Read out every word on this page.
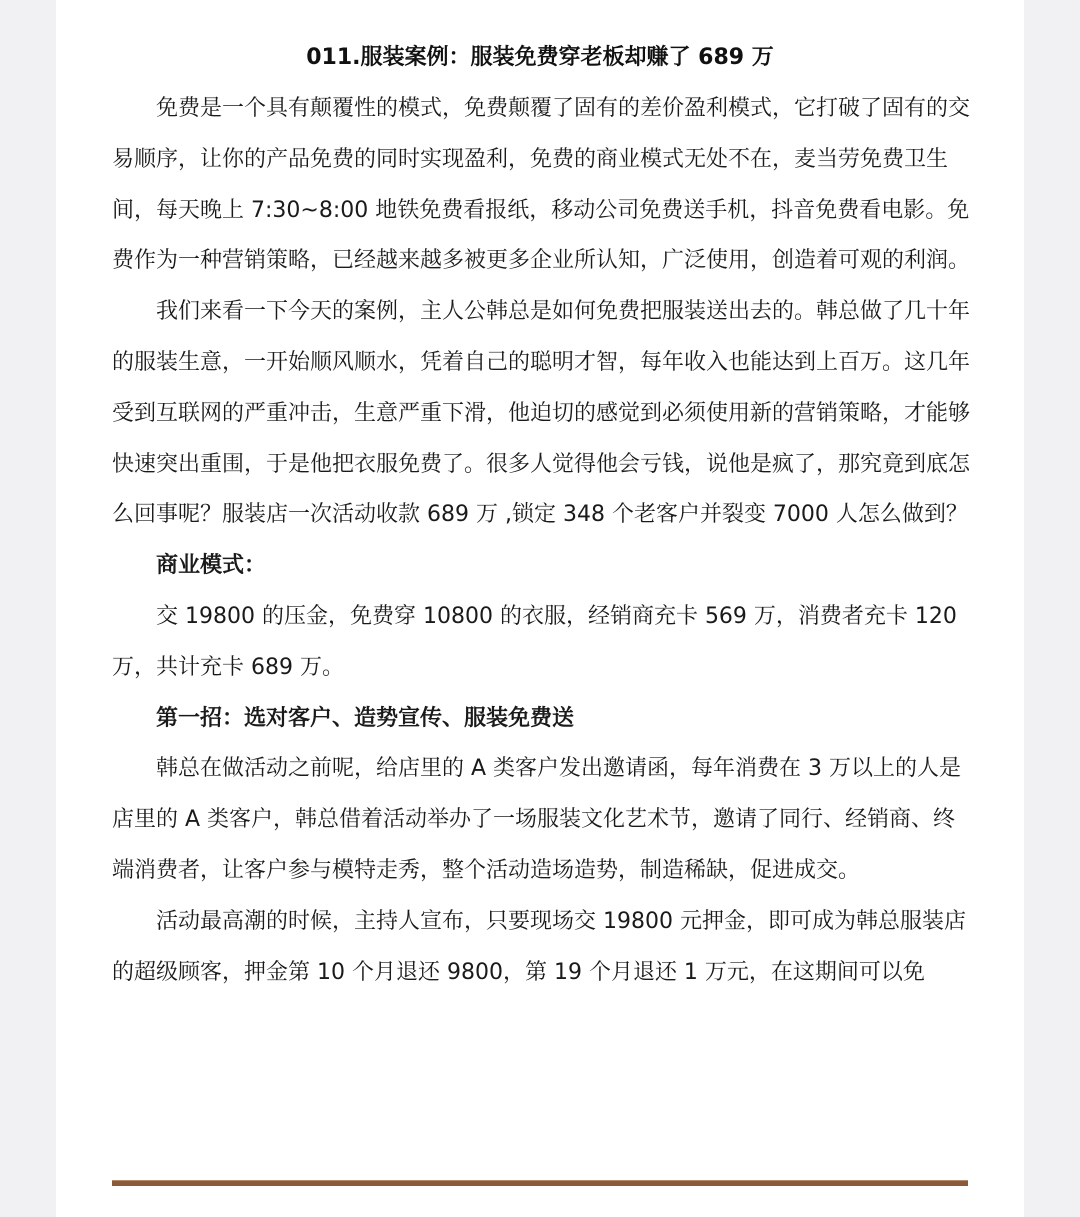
011.服装案例：服装免费穿老板却赚了 689 万

免费是一个具有颠覆性的模式，免费颠覆了固有的差价盈利模式，它打破了固有的交易顺序，让你的产品免费的同时实现盈利，免费的商业模式无处不在，麦当劳免费卫生间，每天晚上 7:30~8:00 地铁免费看报纸，移动公司免费送手机，抖音免费看电影。免费作为一种营销策略，已经越来越多被更多企业所认知，广泛使用，创造着可观的利润。

我们来看一下今天的案例，主人公韩总是如何免费把服装送出去的。韩总做了几十年的服装生意，一开始顺风顺水，凭着自己的聪明才智，每年收入也能达到上百万。这几年受到互联网的严重冲击，生意严重下滑，他迫切的感觉到必须使用新的营销策略，才能够快速突出重围，于是他把衣服免费了。很多人觉得他会亏钱，说他是疯了，那究竟到底怎么回事呢？服装店一次活动收款 689 万 ,锁定 348 个老客户并裂变 7000 人怎么做到？

商业模式：

交 19800 的压金，免费穿 10800 的衣服，经销商充卡 569 万，消费者充卡 120 万，共计充卡 689 万。

第一招：选对客户、造势宣传、服装免费送

韩总在做活动之前呢，给店里的 A 类客户发出邀请函，每年消费在 3 万以上的人是店里的 A 类客户，韩总借着活动举办了一场服装文化艺术节，邀请了同行、经销商、终端消费者，让客户参与模特走秀，整个活动造场造势，制造稀缺，促进成交。

活动最高潮的时候，主持人宣布，只要现场交 19800 元押金，即可成为韩总服装店的超级顾客，押金第 10 个月退还 9800，第 19 个月退还 1 万元，在这期间可以免
